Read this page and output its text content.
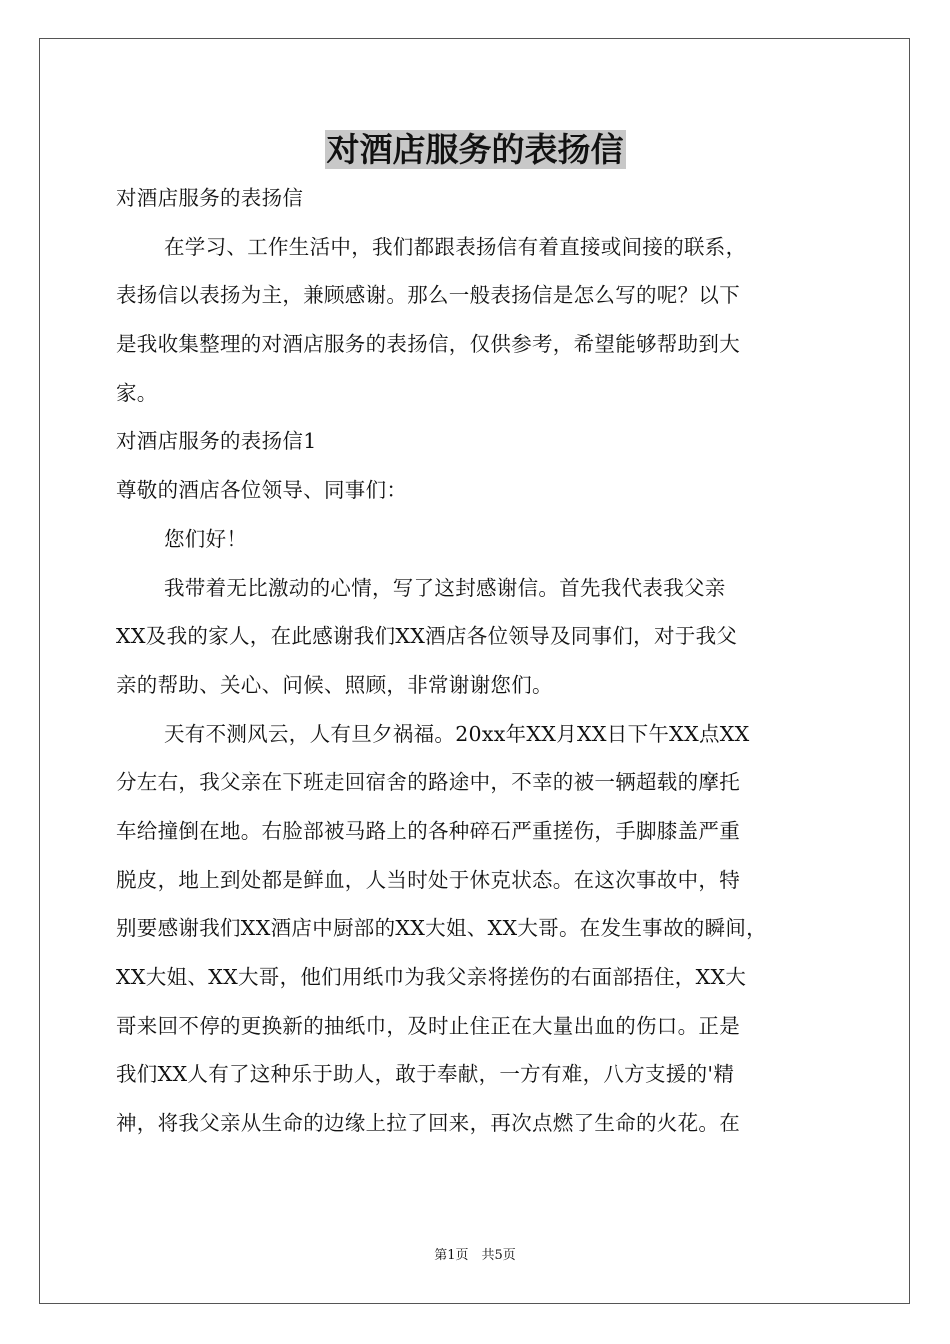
对酒店服务的表扬信

对酒店服务的表扬信

在学习、工作生活中，我们都跟表扬信有着直接或间接的联系，

表扬信以表扬为主，兼顾感谢。那么一般表扬信是怎么写的呢？以下

是我收集整理的对酒店服务的表扬信，仅供参考，希望能够帮助到大

家。

对酒店服务的表扬信1

尊敬的酒店各位领导、同事们：

您们好！

我带着无比激动的心情，写了这封感谢信。首先我代表我父亲

XX及我的家人，在此感谢我们XX酒店各位领导及同事们，对于我父

亲的帮助、关心、问候、照顾，非常谢谢您们。

天有不测风云，人有旦夕祸福。20xx年XX月XX日下午XX点XX

分左右，我父亲在下班走回宿舍的路途中，不幸的被一辆超载的摩托

车给撞倒在地。右脸部被马路上的各种碎石严重搓伤，手脚膝盖严重

脱皮，地上到处都是鲜血，人当时处于休克状态。在这次事故中，特

别要感谢我们XX酒店中厨部的XX大姐、XX大哥。在发生事故的瞬间，

XX大姐、XX大哥，他们用纸巾为我父亲将搓伤的右面部捂住，XX大

哥来回不停的更换新的抽纸巾，及时止住正在大量出血的伤口。正是

我们XX人有了这种乐于助人，敢于奉献，一方有难，八方支援的'精

神，将我父亲从生命的边缘上拉了回来，再次点燃了生命的火花。在

第1页　共5页
